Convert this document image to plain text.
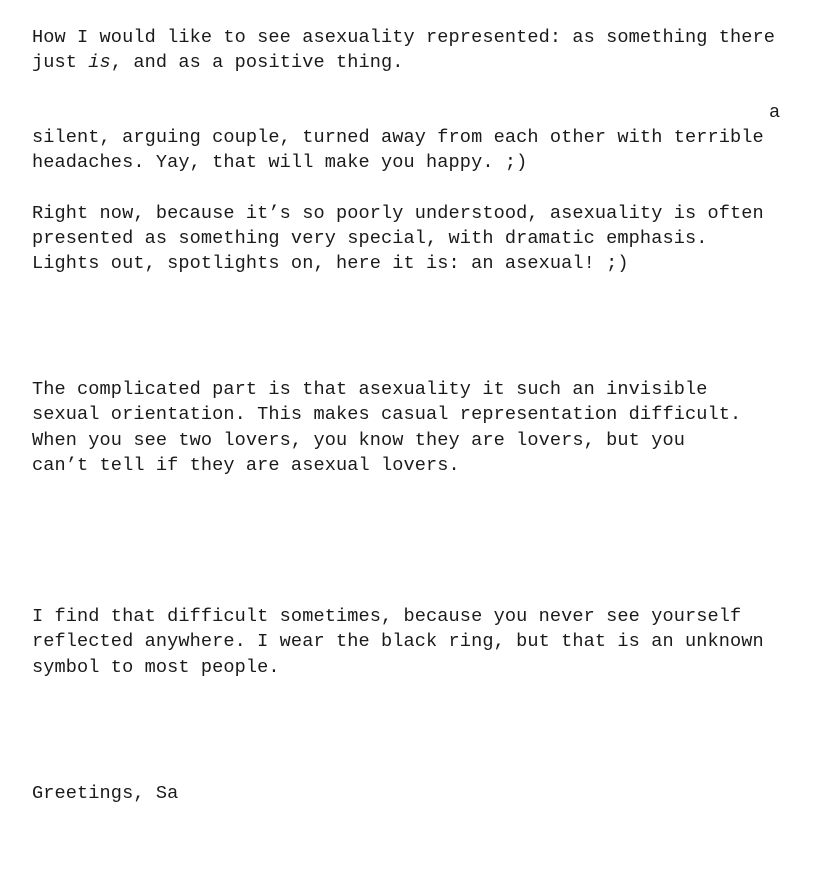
How I would like to see asexuality represented: as something there
just is, and as a positive thing.
a
silent, arguing couple, turned away from each other with terrible
headaches. Yay, that will make you happy. ;)
Right now, because it’s so poorly understood, asexuality is often
presented as something very special, with dramatic emphasis.
Lights out, spotlights on, here it is: an asexual! ;)
The complicated part is that asexuality it such an invisible
sexual orientation. This makes casual representation difficult.
When you see two lovers, you know they are lovers, but you
can’t tell if they are asexual lovers.
I find that difficult sometimes, because you never see yourself
reflected anywhere. I wear the black ring, but that is an unknown
symbol to most people.
Greetings, Sa
